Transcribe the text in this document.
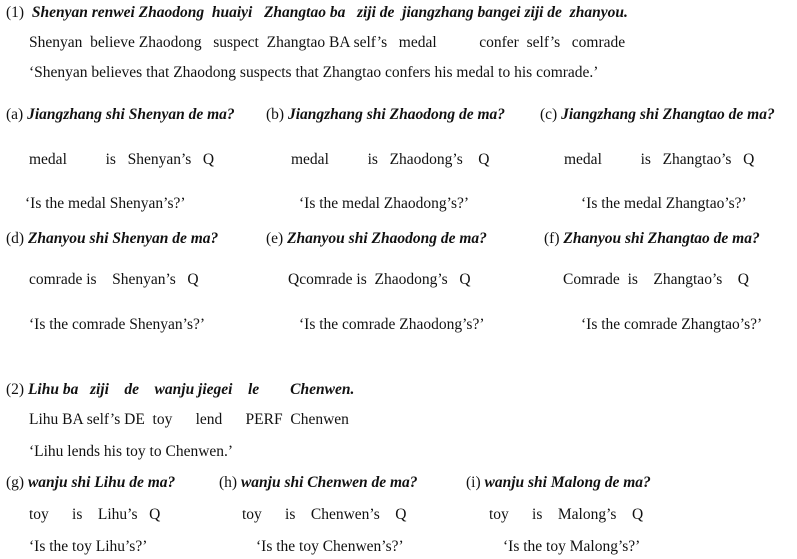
(1) Shenyan renwei Zhaodong  huaiyi   Zhangtao ba   ziji de  jiangzhang bangei ziji de  zhanyou.
Shenyan  believe Zhaodong   suspect  Zhangtao BA self’s   medal           confer  self’s   comrade
‘Shenyan believes that Zhaodong suspects that Zhangtao confers his medal to his comrade.’
(a) Jiangzhang shi Shenyan de ma? (b) Jiangzhang shi Zhaodong de ma? (c) Jiangzhang shi Zhangtao de ma?
medal          is   Shenyan’s   Q	medal          is   Zhaodong’s    Q	medal          is   Zhangtao’s   Q
‘Is the medal Shenyan’s?’	‘Is the medal Zhaodong’s?’	‘Is the medal Zhangtao’s?’
(d) Zhanyou shi Shenyan de ma?	(e) Zhanyou shi Zhaodong de ma?	(f) Zhanyou shi Zhangtao de ma?
comrade is    Shenyan’s   Q	Qcomrade is  Zhaodong’s   Q	Comrade  is    Zhangtao’s    Q
‘Is the comrade Shenyan’s?’	‘Is the comrade Zhaodong’s?’	‘Is the comrade Zhangtao’s?’
(2) Lihu ba   ziji    de    wanju jiegei    le        Chenwen.
Lihu BA self’s DE  toy      lend      PERF  Chenwen
‘Lihu lends his toy to Chenwen.’
(g) wanju shi Lihu de ma?	(h) wanju shi Chenwen de ma?	(i) wanju shi Malong de ma?
toy      is    Lihu’s   Q	toy      is    Chenwen’s    Q	toy      is    Malong’s    Q
‘Is the toy Lihu’s?’	‘Is the toy Chenwen’s?’	‘Is the toy Malong’s?’
